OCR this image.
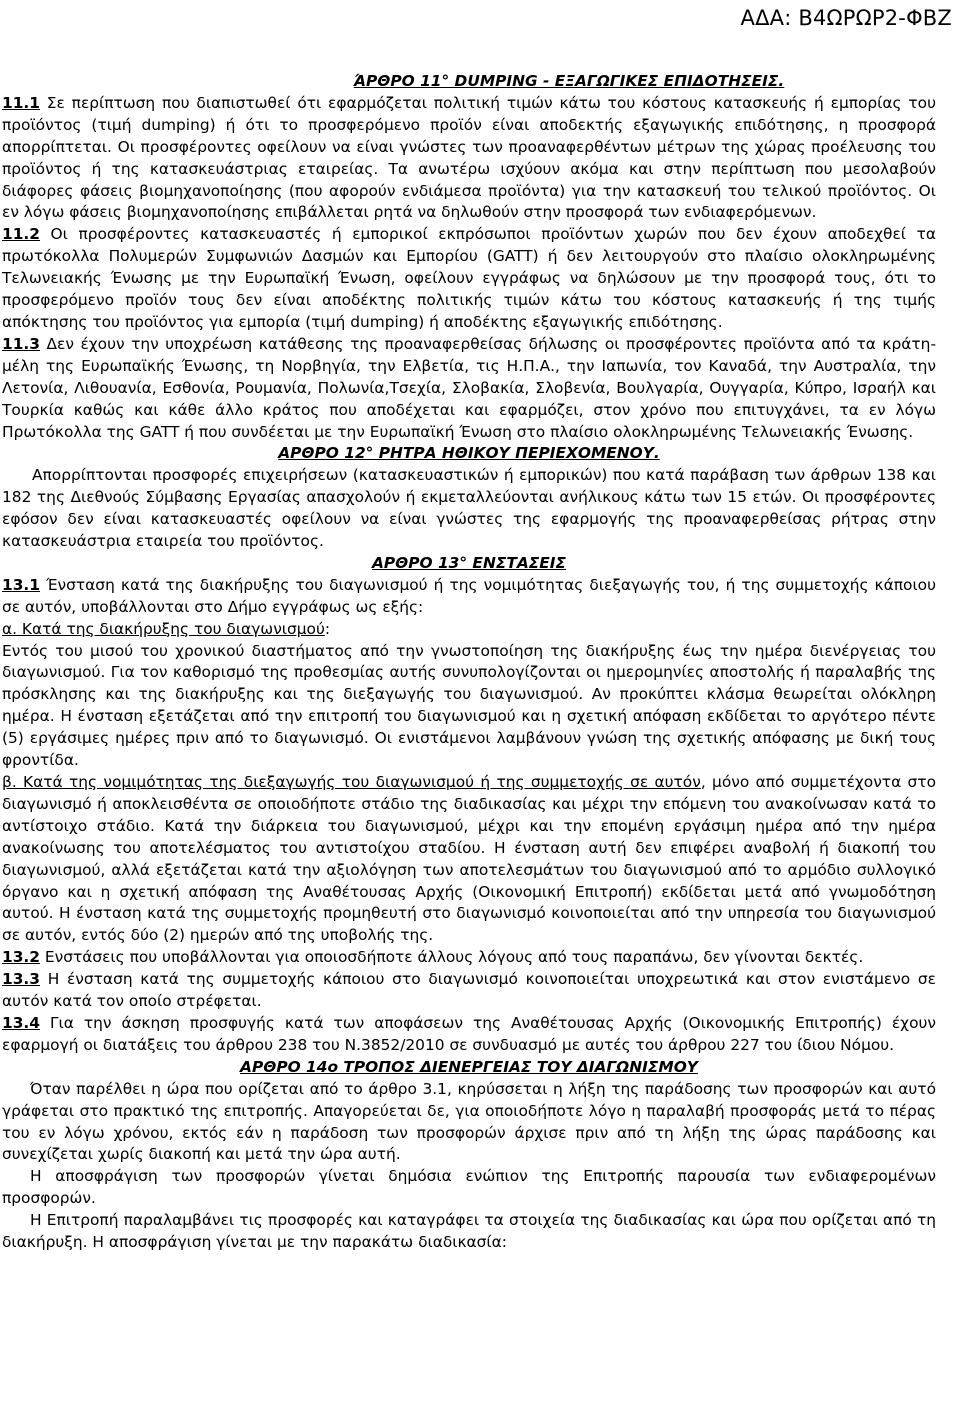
ΑΔΑ: Β4ΩΡΩΡ2-ΦΒΖ

ΆΡΘΡΟ 11° DUMPING - ΕΞΑΓΩΓΙΚΕΣ ΕΠΙΔΟΤΗΣΕΙΣ.

11.1 Σε περίπτωση που διαπιστωθεί ότι εφαρμόζεται πολιτική τιμών κάτω του κόστους κατασκευής ή εμπορίας του προϊόντος (τιμή dumping) ή ότι το προσφερόμενο προϊόν είναι αποδεκτής εξαγωγικής επιδότησης, η προσφορά απορρίπτεται. Οι προσφέροντες οφείλουν να είναι γνώστες των προαναφερθέντων μέτρων της χώρας προέλευσης του προϊόντος ή της κατασκευάστριας εταιρείας. Τα ανωτέρω ισχύουν ακόμα και στην περίπτωση που μεσολαβούν διάφορες φάσεις βιομηχανοποίησης (που αφορούν ενδιάμεσα προϊόντα) για την κατασκευή του τελικού προϊόντος. Οι εν λόγω φάσεις βιομηχανοποίησης επιβάλλεται ρητά να δηλωθούν στην προσφορά των ενδιαφερόμενων.

11.2 Οι προσφέροντες κατασκευαστές ή εμπορικοί εκπρόσωποι προϊόντων χωρών που δεν έχουν αποδεχθεί τα πρωτόκολλα Πολυμερών Συμφωνιών Δασμών και Εμπορίου (GATT) ή δεν λειτουργούν στο πλαίσιο ολοκληρωμένης Τελωνειακής Ένωσης με την Ευρωπαϊκή Ένωση, οφείλουν εγγράφως να δηλώσουν με την προσφορά τους, ότι το προσφερόμενο προϊόν τους δεν είναι αποδέκτης πολιτικής τιμών κάτω του κόστους κατασκευής ή της τιμής απόκτησης του προϊόντος για εμπορία (τιμή dumping) ή αποδέκτης εξαγωγικής επιδότησης.

11.3 Δεν έχουν την υποχρέωση κατάθεσης της προαναφερθείσας δήλωσης οι προσφέροντες προϊόντα από τα κράτη-μέλη της Ευρωπαϊκής Ένωσης, τη Νορβηγία, την Ελβετία, τις Η.Π.Α., την Ιαπωνία, τον Καναδά, την Αυστραλία, την Λετονία, Λιθουανία, Εσθονία, Ρουμανία, Πολωνία,Τσεχία, Σλοβακία, Σλοβενία, Βουλγαρία, Ουγγαρία, Κύπρο, Ισραήλ και Τουρκία καθώς και κάθε άλλο κράτος που αποδέχεται και εφαρμόζει, στον χρόνο που επιτυγχάνει, τα εν λόγω Πρωτόκολλα της GATT ή που συνδέεται με την Ευρωπαϊκή Ένωση στο πλαίσιο ολοκληρωμένης Τελωνειακής Ένωσης.

ΑΡΘΡΟ 12° ΡΗΤΡΑ ΗΘΙΚΟΥ ΠΕΡΙΕΧΟΜΕΝΟΥ.

Απορρίπτονται προσφορές επιχειρήσεων (κατασκευαστικών ή εμπορικών) που κατά παράβαση των άρθρων 138 και 182 της Διεθνούς Σύμβασης Εργασίας απασχολούν ή εκμεταλλεύονται ανήλικους κάτω των 15 ετών. Οι προσφέροντες εφόσον δεν είναι κατασκευαστές οφείλουν να είναι γνώστες της εφαρμογής της προαναφερθείσας ρήτρας στην κατασκευάστρια εταιρεία του προϊόντος.

ΑΡΘΡΟ 13° ΕΝΣΤΑΣΕΙΣ

13.1 Ένσταση κατά της διακήρυξης του διαγωνισμού ή της νομιμότητας διεξαγωγής του, ή της συμμετοχής κάποιου σε αυτόν, υποβάλλονται στο Δήμο εγγράφως ως εξής:

α. Κατά της διακήρυξης του διαγωνισμού:

Εντός του μισού του χρονικού διαστήματος από την γνωστοποίηση της διακήρυξης έως την ημέρα διενέργειας του διαγωνισμού. Για τον καθορισμό της προθεσμίας αυτής συνυπολογίζονται οι ημερομηνίες αποστολής ή παραλαβής της πρόσκλησης και της διακήρυξης και της διεξαγωγής του διαγωνισμού. Αν προκύπτει κλάσμα θεωρείται ολόκληρη ημέρα. Η ένσταση εξετάζεται από την επιτροπή του διαγωνισμού και η σχετική απόφαση εκδίδεται το αργότερο πέντε (5) εργάσιμες ημέρες πριν από το διαγωνισμό. Οι ενιστάμενοι λαμβάνουν γνώση της σχετικής απόφασης με δική τους φροντίδα.

β. Κατά της νομιμότητας της διεξαγωγής του διαγωνισμού ή της συμμετοχής σε αυτόν, μόνο από συμμετέχοντα στο διαγωνισμό ή αποκλεισθέντα σε οποιοδήποτε στάδιο της διαδικασίας και μέχρι την επόμενη του ανακοίνωσαν κατά το αντίστοιχο στάδιο. Κατά την διάρκεια του διαγωνισμού, μέχρι και την επομένη εργάσιμη ημέρα από την ημέρα ανακοίνωσης του αποτελέσματος του αντιστοίχου σταδίου. Η ένσταση αυτή δεν επιφέρει αναβολή ή διακοπή του διαγωνισμού, αλλά εξετάζεται κατά την αξιολόγηση των αποτελεσμάτων του διαγωνισμού από το αρμόδιο συλλογικό όργανο και η σχετική απόφαση της Αναθέτουσας Αρχής (Οικονομική Επιτροπή) εκδίδεται μετά από γνωμοδότηση αυτού. Η ένσταση κατά της συμμετοχής προμηθευτή στο διαγωνισμό κοινοποιείται από την υπηρεσία του διαγωνισμού σε αυτόν, εντός δύο (2) ημερών από της υποβολής της.

13.2 Ενστάσεις που υποβάλλονται για οποιοσδήποτε άλλους λόγους από τους παραπάνω, δεν γίνονται δεκτές.

13.3 Η ένσταση κατά της συμμετοχής κάποιου στο διαγωνισμό κοινοποιείται υποχρεωτικά και στον ενιστάμενο σε αυτόν κατά τον οποίο στρέφεται.

13.4 Για την άσκηση προσφυγής κατά των αποφάσεων της Αναθέτουσας Αρχής (Οικονομικής Επιτροπής) έχουν εφαρμογή οι διατάξεις του άρθρου 238 του Ν.3852/2010 σε συνδυασμό με αυτές του άρθρου 227 του ίδιου Νόμου.

ΑΡΘΡΟ 14ο ΤΡΟΠΟΣ ΔΙΕΝΕΡΓΕΙΑΣ ΤΟΥ ΔΙΑΓΩΝΙΣΜΟΥ

Όταν παρέλθει η ώρα που ορίζεται από το άρθρο 3.1, κηρύσσεται η λήξη της παράδοσης των προσφορών και αυτό γράφεται στο πρακτικό της επιτροπής. Απαγορεύεται δε, για οποιοδήποτε λόγο η παραλαβή προσφοράς μετά το πέρας του εν λόγω χρόνου, εκτός εάν η παράδοση των προσφορών άρχισε πριν από τη λήξη της ώρας παράδοσης και συνεχίζεται χωρίς διακοπή και μετά την ώρα αυτή.

Η αποσφράγιση των προσφορών γίνεται δημόσια ενώπιον της Επιτροπής παρουσία των ενδιαφερομένων προσφορών.

Η Επιτροπή παραλαμβάνει τις προσφορές και καταγράφει τα στοιχεία της διαδικασίας και ώρα που ορίζεται από τη διακήρυξη. Η αποσφράγιση γίνεται με την παρακάτω διαδικασία:
